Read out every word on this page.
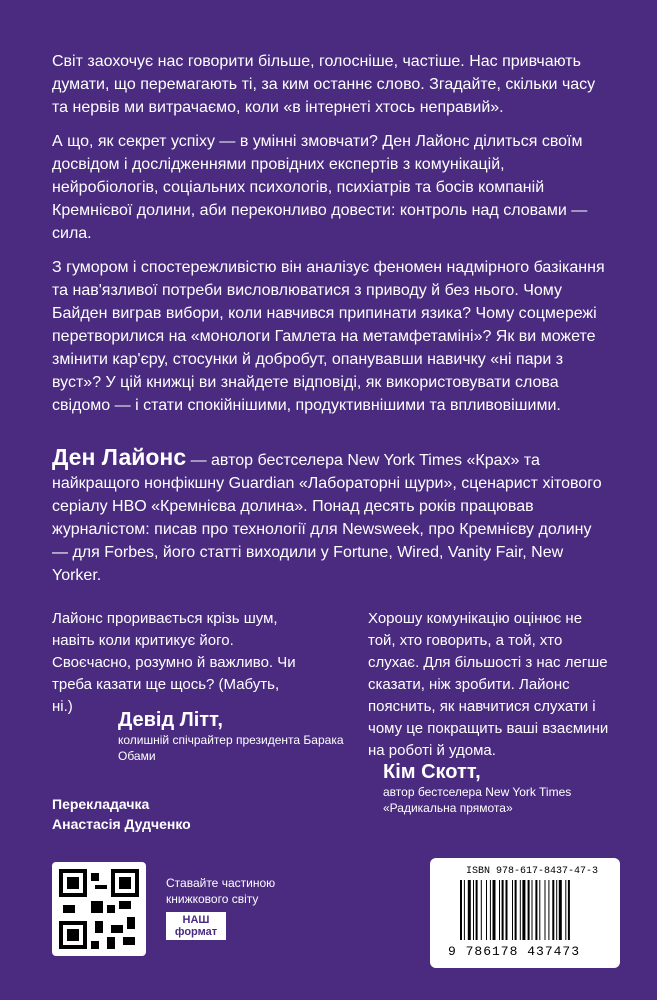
Світ заохочує нас говорити більше, голосніше, частіше. Нас привчають думати, що перемагають ті, за ким останнє слово. Згадайте, скільки часу та нервів ми витрачаємо, коли «в інтернеті хтось неправий».

А що, як секрет успіху — в умінні змовчати? Ден Лайонс ділиться своїм досвідом і дослідженнями провідних експертів з комунікацій, нейробіологів, соціальних психологів, психіатрів та босів компаній Кремнієвої долини, аби переконливо довести: контроль над словами — сила.

З гумором і спостережливістю він аналізує феномен надмірного базікання та нав'язливої потреби висловлюватися з приводу й без нього. Чому Байден виграв вибори, коли навчився припинати язика? Чому соцмережі перетворилися на «монологи Гамлета на метамфетаміні»? Як ви можете змінити кар'єру, стосунки й добробут, опанувавши навичку «ні пари з вуст»? У цій книжці ви знайдете відповіді, як використовувати слова свідомо — і стати спокійнішими, продуктивнішими та впливовішими.

Ден Лайонс — автор бестселера New York Times «Крах» та найкращого нонфікшну Guardian «Лабораторні щури», сценарист хітового серіалу HBO «Кремнієва долина». Понад десять років працював журналістом: писав про технології для Newsweek, про Кремнієву долину — для Forbes, його статті виходили у Fortune, Wired, Vanity Fair, New Yorker.
Лайонс проривається крізь шум, навіть коли критикує його. Своєчасно, розумно й важливо. Чи треба казати ще щось? (Мабуть, ні.)
Девід Літт,
колишній спічрайтер президента Барака Обами
Хорошу комунікацію оцінює не той, хто говорить, а той, хто слухає. Для більшості з нас легше сказати, ніж зробити. Лайонс пояснить, як навчитися слухати і чому це покращить ваші взаємини на роботі й удома.
Кім Скотт,
автор бестселера New York Times «Радикальна прямота»
Перекладачка
Анастасія Дудченко
Ставайте частиною книжкового світу
НАШ
формат
ISBN 978-617-8437-47-3
9 786178 437473
